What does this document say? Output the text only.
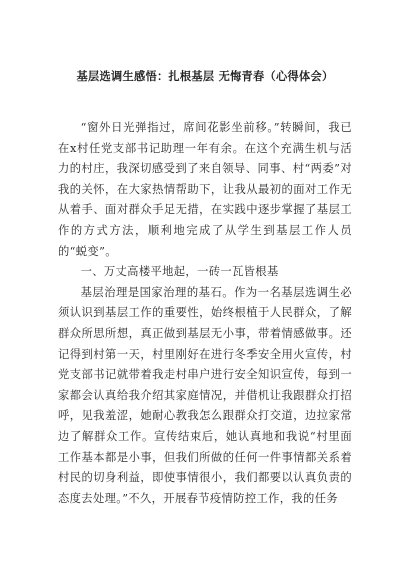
基层选调生感悟：扎根基层 无悔青春（心得体会）

“窗外日光弹指过，席间花影坐前移。”转瞬间，我已在x村任党支部书记助理一年有余。在这个充满生机与活力的村庄，我深切感受到了来自领导、同事、村“两委”对我的关怀，在大家热情帮助下，让我从最初的面对工作无从着手、面对群众手足无措，在实践中逐步掌握了基层工作的方式方法，顺利地完成了从学生到基层工作人员的“蜕变”。

一、万丈高楼平地起，一砖一瓦皆根基

基层治理是国家治理的基石。作为一名基层选调生必须认识到基层工作的重要性，始终根植于人民群众，了解群众所思所想，真正做到基层无小事，带着情感做事。还记得到村第一天，村里刚好在进行冬季安全用火宣传，村党支部书记就带着我走村串户进行安全知识宣传，每到一家都会认真给我介绍其家庭情况，并借机让我跟群众打招呼，见我羞涩，她耐心教我怎么跟群众打交道，边拉家常边了解群众工作。宣传结束后，她认真地和我说“村里面工作基本都是小事，但我们所做的任何一件事情都关系着村民的切身利益，即使事情很小，我们都要以认真负责的态度去处理。”不久，开展春节疫情防控工作，我的任务
